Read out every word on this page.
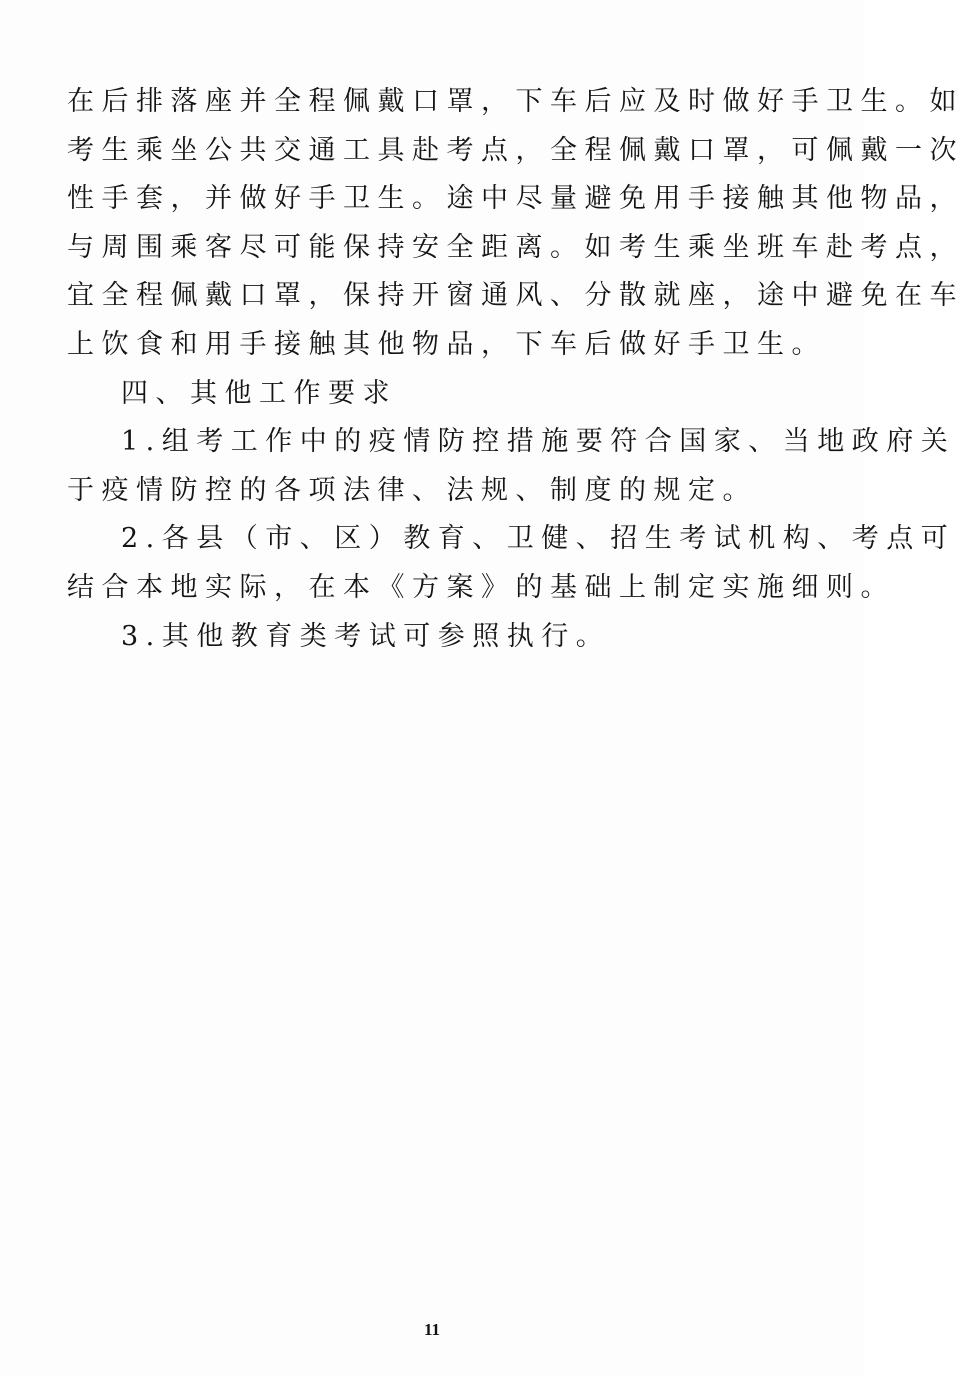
在后排落座并全程佩戴口罩，下车后应及时做好手卫生。如
考生乘坐公共交通工具赴考点，全程佩戴口罩，可佩戴一次
性手套，并做好手卫生。途中尽量避免用手接触其他物品，
与周围乘客尽可能保持安全距离。如考生乘坐班车赴考点，
宜全程佩戴口罩，保持开窗通风、分散就座，途中避免在车
上饮食和用手接触其他物品，下车后做好手卫生。
四、其他工作要求
1.组考工作中的疫情防控措施要符合国家、当地政府关
于疫情防控的各项法律、法规、制度的规定。
2.各县（市、区）教育、卫健、招生考试机构、考点可
结合本地实际，在本《方案》的基础上制定实施细则。
3.其他教育类考试可参照执行。
11
